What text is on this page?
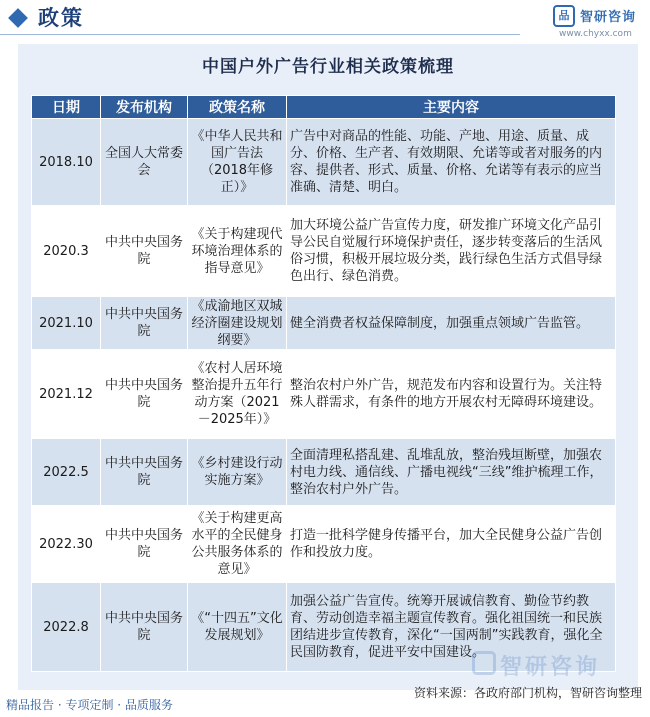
政策	品 智研咨询
www.chyxx.com
中国户外广告行业相关政策梳理
日期	发布机构	政策名称	主要内容
2018.10	全国人大常委会	《中华人民共和国广告法（2018年修正）》	广告中对商品的性能、功能、产地、用途、质量、成分、价格、生产者、有效期限、允诺等或者对服务的内容、提供者、形式、质量、价格、允诺等有表示的应当准确、清楚、明白。
2020.3	中共中央国务院	《关于构建现代环境治理体系的指导意见》	加大环境公益广告宣传力度，研发推广环境文化产品引导公民自觉履行环境保护责任，逐步转变落后的生活风俗习惯，积极开展垃圾分类，践行绿色生活方式倡导绿色出行、绿色消费。
2021.10	中共中央国务院	《成渝地区双城经济圈建设规划纲要》	健全消费者权益保障制度，加强重点领域广告监管。
2021.12	中共中央国务院	《农村人居环境整治提升五年行动方案（2021－2025年）》	整治农村户外广告，规范发布内容和设置行为。关注特殊人群需求，有条件的地方开展农村无障碍环境建设。
2022.5	中共中央国务院	《乡村建设行动实施方案》	全面清理私搭乱建、乱堆乱放，整治残垣断壁，加强农村电力线、通信线、广播电视线“三线”维护梳理工作，整治农村户外广告。
2022.30	中共中央国务院	《关于构建更高水平的全民健身公共服务体系的意见》	打造一批科学健身传播平台，加大全民健身公益广告创作和投放力度。
2022.8	中共中央国务院	《“十四五”文化发展规划》	加强公益广告宣传。统筹开展诚信教育、勤俭节约教育、劳动创造幸福主题宣传教育。强化祖国统一和民族团结进步宣传教育，深化“一国两制”实践教育，强化全民国防教育，促进平安中国建设。
智研咨询
资料来源：各政府部门机构，智研咨询整理
精品报告 · 专项定制 · 品质服务
